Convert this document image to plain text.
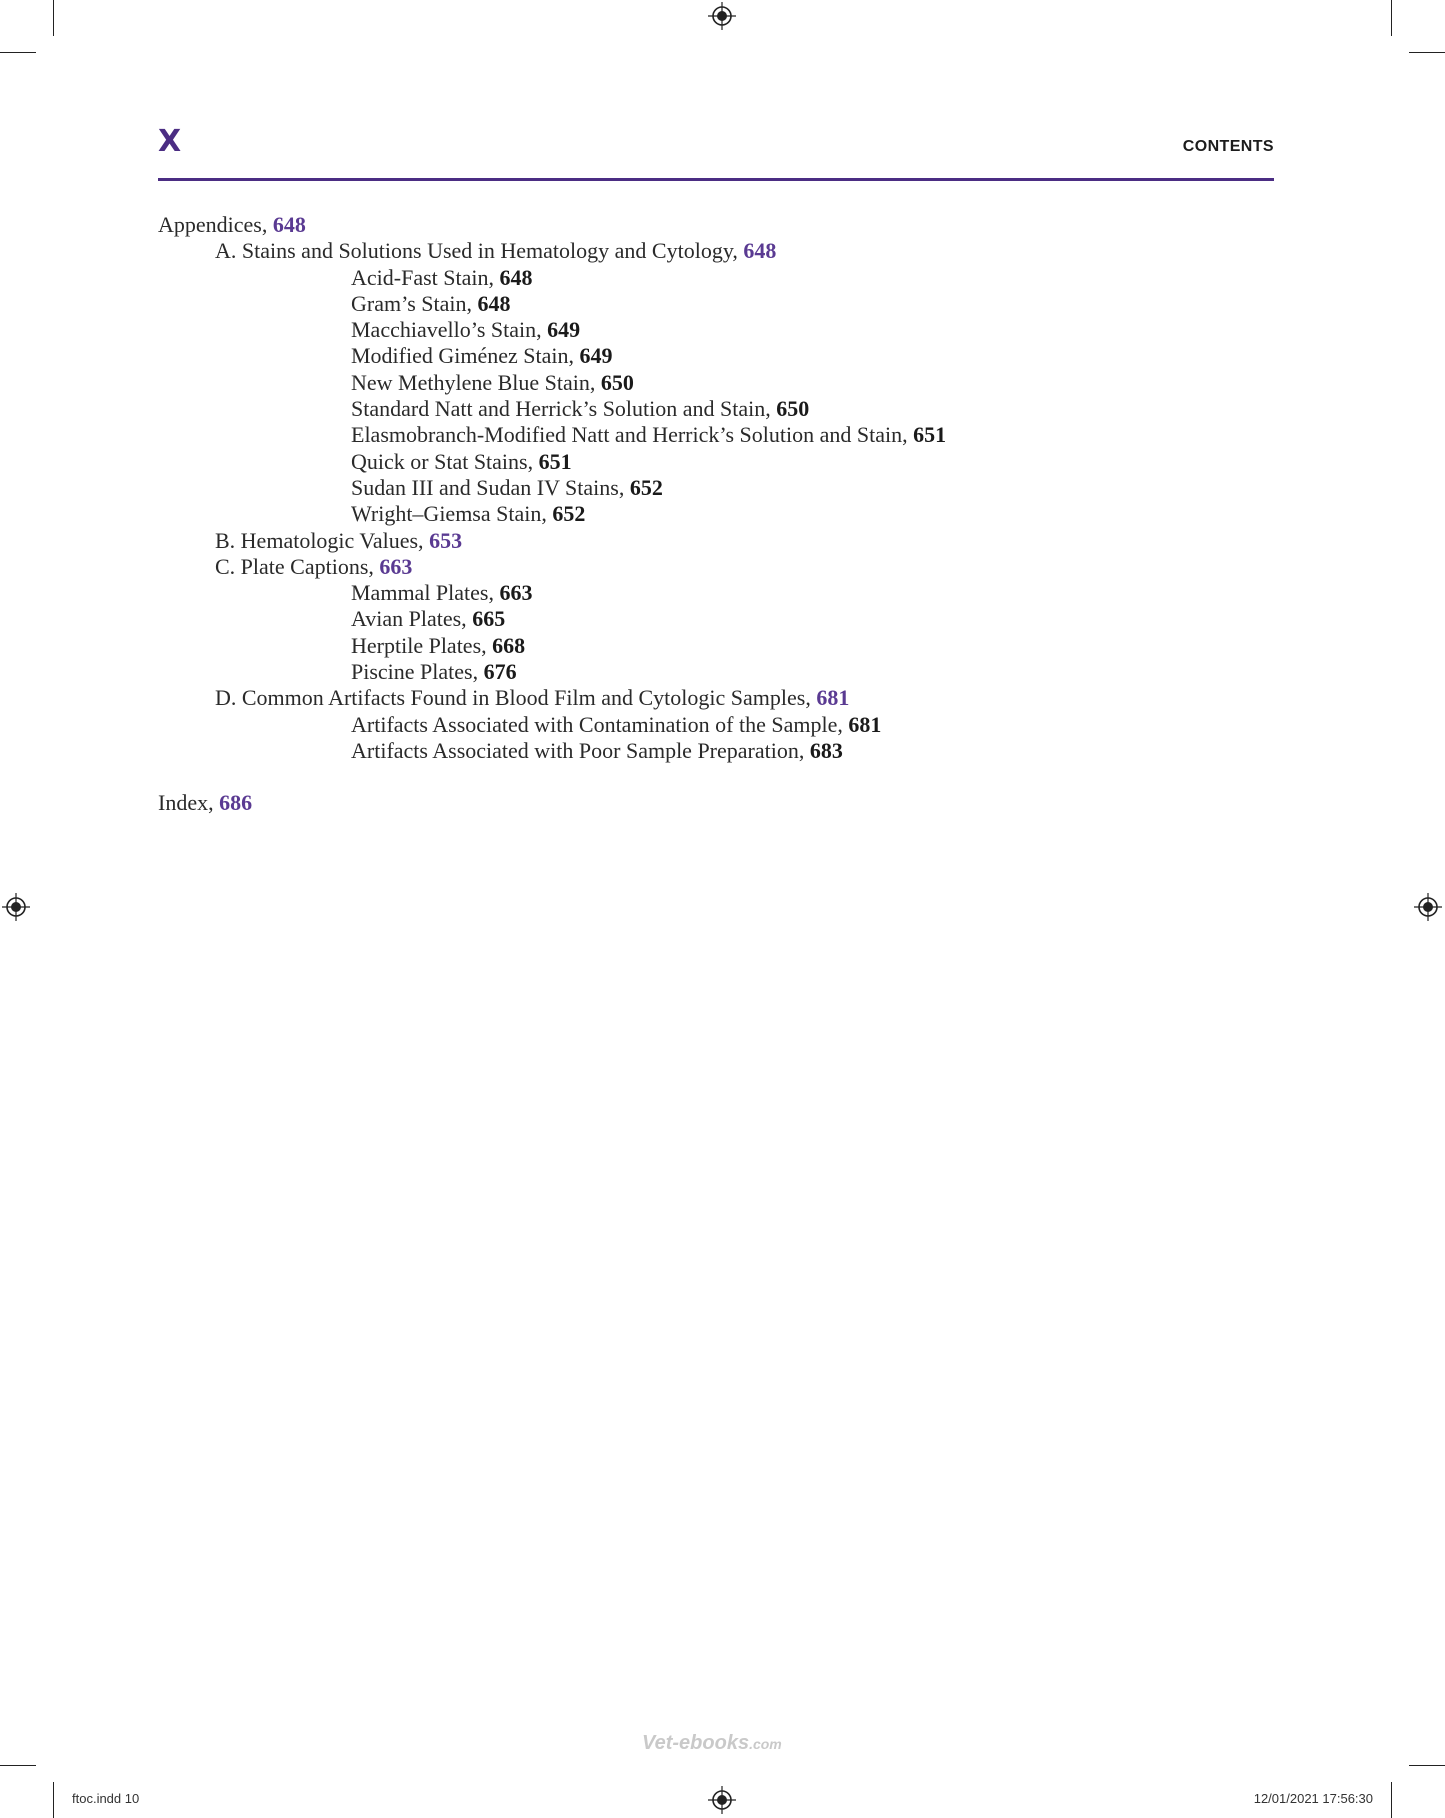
X	CONTENTS
Appendices, 648
A. Stains and Solutions Used in Hematology and Cytology, 648
Acid-Fast Stain, 648
Gram’s Stain, 648
Macchiavello’s Stain, 649
Modified Giménez Stain, 649
New Methylene Blue Stain, 650
Standard Natt and Herrick’s Solution and Stain, 650
Elasmobranch-Modified Natt and Herrick’s Solution and Stain, 651
Quick or Stat Stains, 651
Sudan III and Sudan IV Stains, 652
Wright–Giemsa Stain, 652
B. Hematologic Values, 653
C. Plate Captions, 663
Mammal Plates, 663
Avian Plates, 665
Herptile Plates, 668
Piscine Plates, 676
D. Common Artifacts Found in Blood Film and Cytologic Samples, 681
Artifacts Associated with Contamination of the Sample, 681
Artifacts Associated with Poor Sample Preparation, 683
Index, 686
Vet-ebooks.com
ftoc.indd 10	12/01/2021 17:56:30
